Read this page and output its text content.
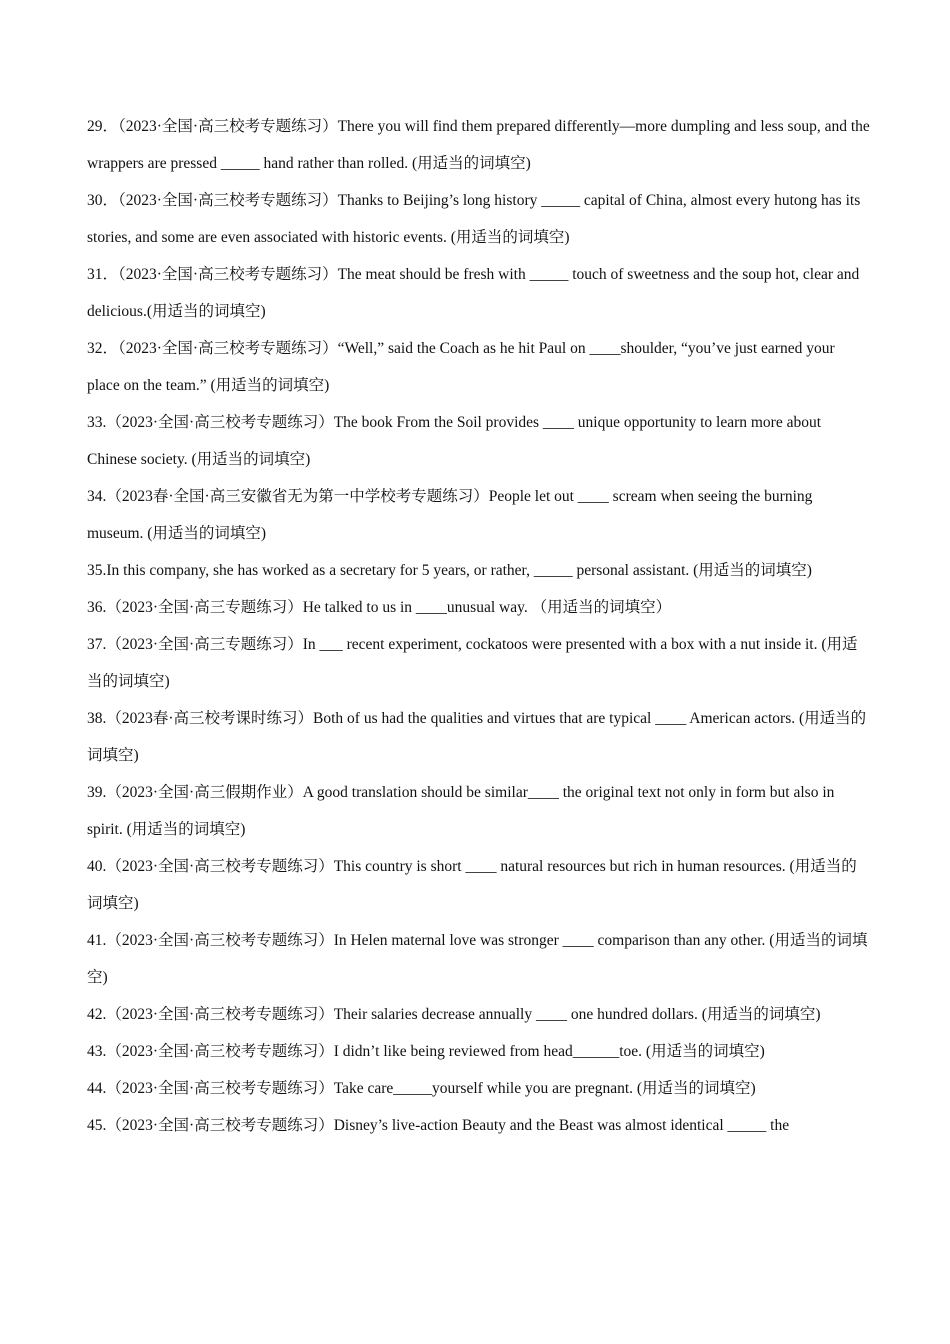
29．（2023·全国·高三校考专题练习）There you will find them prepared differently—more dumpling and less soup, and the wrappers are pressed _____ hand rather than rolled. (用适当的词填空)

30．（2023·全国·高三校考专题练习）Thanks to Beijing’s long history _____ capital of China, almost every hutong has its stories, and some are even associated with historic events. (用适当的词填空)

31．（2023·全国·高三校考专题练习）The meat should be fresh with _____ touch of sweetness and the soup hot, clear and delicious.(用适当的词填空)

32．（2023·全国·高三校考专题练习）“Well,” said the Coach as he hit Paul on ____shoulder, “you’ve just earned your place on the team.” (用适当的词填空)

33.（2023·全国·高三校考专题练习）The book From the Soil provides ____ unique opportunity to learn more about Chinese society. (用适当的词填空)

34.（2023春·全国·高三安徽省无为第一中学校考专题练习）People let out ____ scream when seeing the burning museum. (用适当的词填空)

35.In this company, she has worked as a secretary for 5 years, or rather, _____ personal assistant. (用适当的词填空)

36.（2023·全国·高三专题练习）He talked to us in ____unusual way. （用适当的词填空）

37.（2023·全国·高三专题练习）In ___ recent experiment, cockatoos were presented with a box with a nut inside it. (用适当的词填空)

38.（2023春·高三校考课时练习）Both of us had the qualities and virtues that are typical ____ American actors. (用适当的词填空)

39.（2023·全国·高三假期作业）A good translation should be similar____ the original text not only in form but also in spirit. (用适当的词填空)

40.（2023·全国·高三校考专题练习）This country is short ____ natural resources but rich in human resources. (用适当的词填空)

41.（2023·全国·高三校考专题练习）In Helen maternal love was stronger ____ comparison than any other. (用适当的词填空)

42.（2023·全国·高三校考专题练习）Their salaries decrease annually ____ one hundred dollars. (用适当的词填空)

43.（2023·全国·高三校考专题练习）I didn’t like being reviewed from head______toe. (用适当的词填空)

44.（2023·全国·高三校考专题练习）Take care_____yourself while you are pregnant. (用适当的词填空)

45.（2023·全国·高三校考专题练习）Disney’s live-action Beauty and the Beast was almost identical _____ the
